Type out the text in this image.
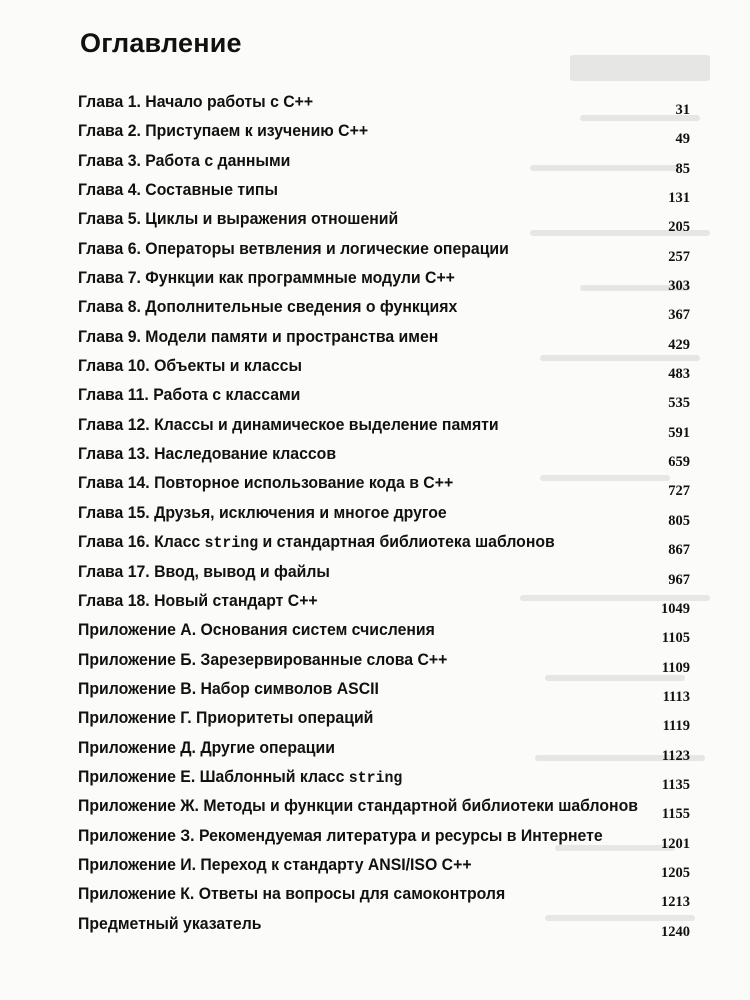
Оглавление
Глава 1. Начало работы с C++	31
Глава 2. Приступаем к изучению C++	49
Глава 3. Работа с данными	85
Глава 4. Составные типы	131
Глава 5. Циклы и выражения отношений	205
Глава 6. Операторы ветвления и логические операции	257
Глава 7. Функции как программные модули C++	303
Глава 8. Дополнительные сведения о функциях	367
Глава 9. Модели памяти и пространства имен	429
Глава 10. Объекты и классы	483
Глава 11. Работа с классами	535
Глава 12. Классы и динамическое выделение памяти	591
Глава 13. Наследование классов	659
Глава 14. Повторное использование кода в C++	727
Глава 15. Друзья, исключения и многое другое	805
Глава 16. Класс string и стандартная библиотека шаблонов	867
Глава 17. Ввод, вывод и файлы	967
Глава 18. Новый стандарт C++	1049
Приложение А. Основания систем счисления	1105
Приложение Б. Зарезервированные слова C++	1109
Приложение В. Набор символов ASCII	1113
Приложение Г. Приоритеты операций	1119
Приложение Д. Другие операции	1123
Приложение Е. Шаблонный класс string	1135
Приложение Ж. Методы и функции стандартной библиотеки шаблонов 1155
Приложение З. Рекомендуемая литература и ресурсы в Интернете	1201
Приложение И. Переход к стандарту ANSI/ISO C++	1205
Приложение К. Ответы на вопросы для самоконтроля	1213
Предметный указатель	1240
